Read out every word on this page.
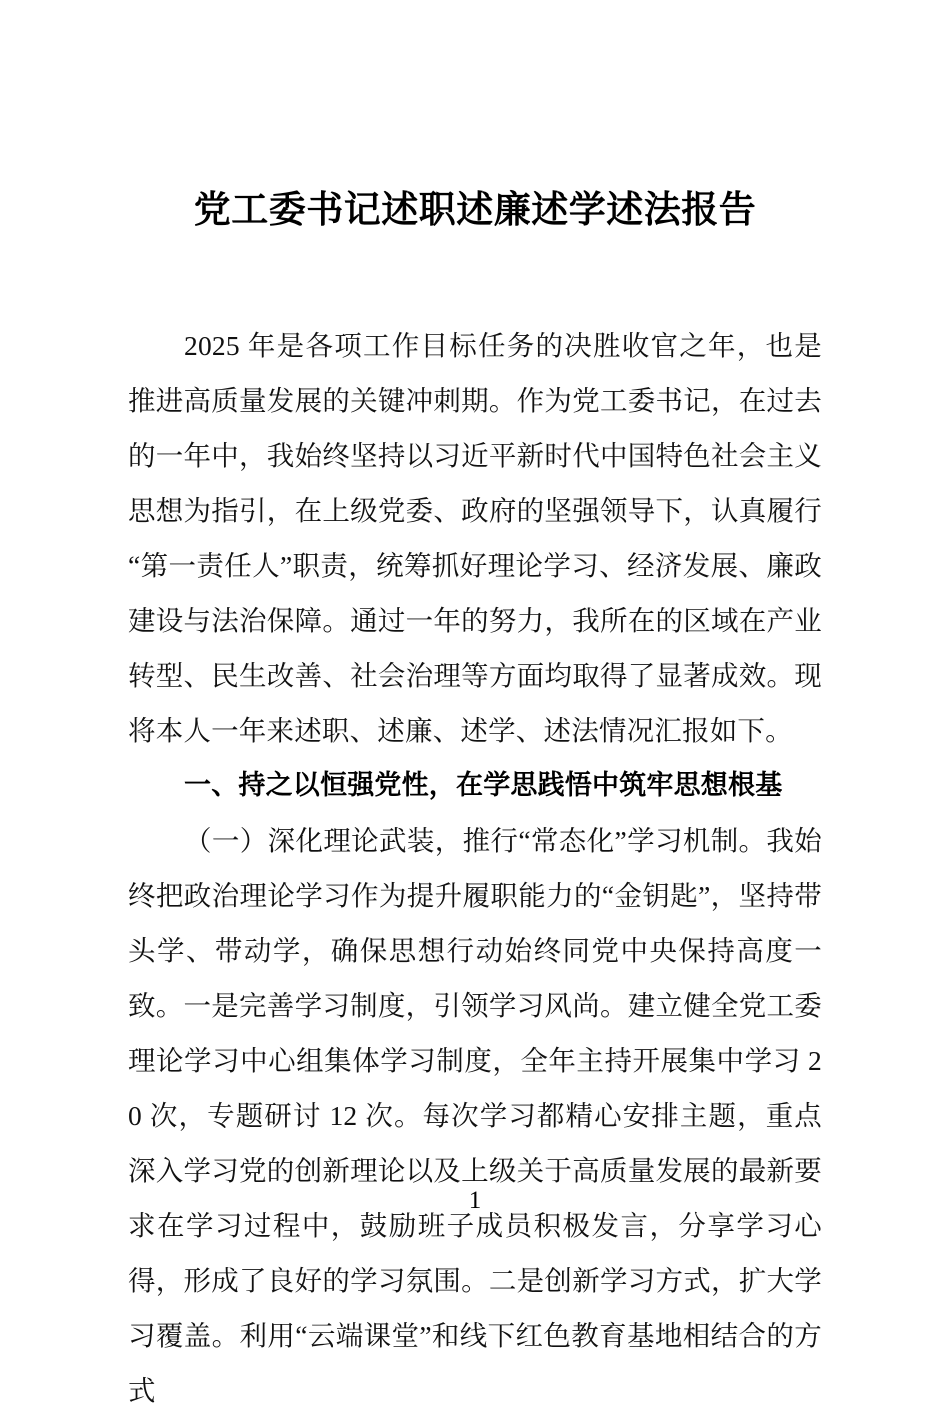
党工委书记述职述廉述学述法报告

2025 年是各项工作目标任务的决胜收官之年，也是推进高质量发展的关键冲刺期。作为党工委书记，在过去的一年中，我始终坚持以习近平新时代中国特色社会主义思想为指引，在上级党委、政府的坚强领导下，认真履行“第一责任人”职责，统筹抓好理论学习、经济发展、廉政建设与法治保障。通过一年的努力，我所在的区域在产业转型、民生改善、社会治理等方面均取得了显著成效。现将本人一年来述职、述廉、述学、述法情况汇报如下。

一、持之以恒强党性，在学思践悟中筑牢思想根基

（一）深化理论武装，推行“常态化”学习机制。我始终把政治理论学习作为提升履职能力的“金钥匙”，坚持带头学、带动学，确保思想行动始终同党中央保持高度一致。一是完善学习制度，引领学习风尚。建立健全党工委理论学习中心组集体学习制度，全年主持开展集中学习 20 次，专题研讨 12 次。每次学习都精心安排主题，重点深入学习党的创新理论以及上级关于高质量发展的最新要求在学习过程中，鼓励班子成员积极发言，分享学习心得，形成了良好的学习氛围。二是创新学习方式，扩大学习覆盖。利用“云端课堂”和线下红色教育基地相结合的方式

1
